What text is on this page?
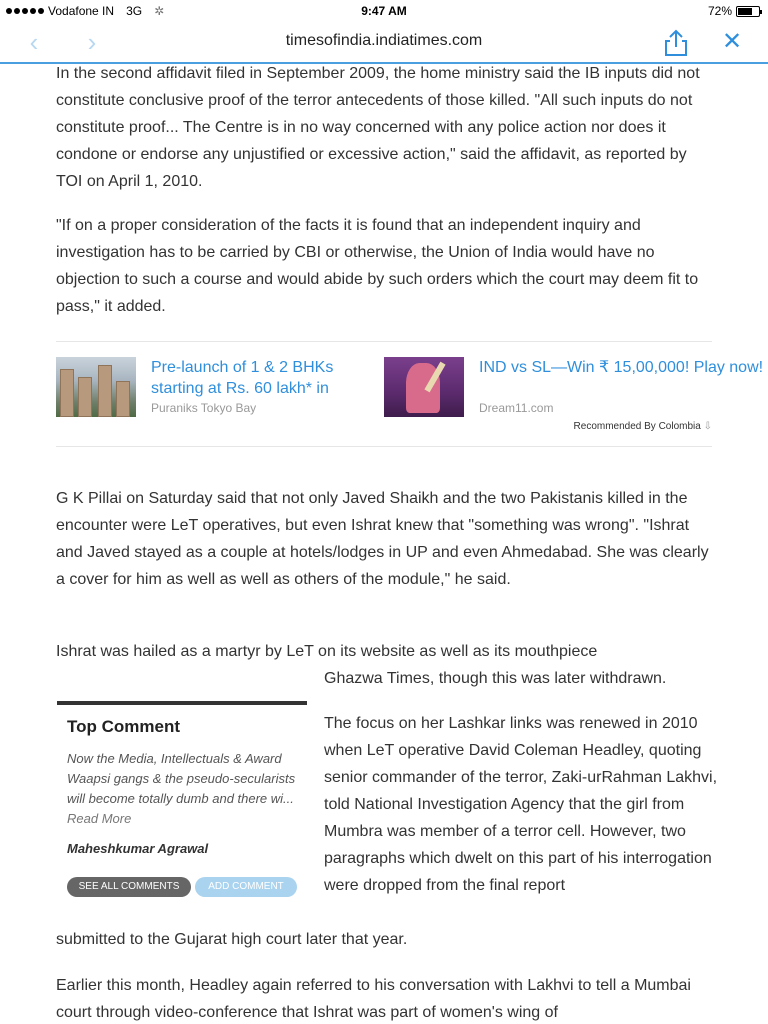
Vodafone IN 3G ✲	9:47 AM	72%
‹	›	timesofindia.indiatimes.com	✕

In the second affidavit filed in September 2009, the home ministry said the IB inputs did not constitute conclusive proof of the terror antecedents of those killed. "All such inputs do not constitute proof... The Centre is in no way concerned with any police action nor does it condone or endorse any unjustified or excessive action," said the affidavit, as reported by TOI on April 1, 2010.

"If on a proper consideration of the facts it is found that an independent inquiry and investigation has to be carried by CBI or otherwise, the Union of India would have no objection to such a course and would abide by such orders which the court may deem fit to pass," it added.

Pre-launch of 1 & 2 BHKs starting at Rs. 60 lakh* in
Puraniks Tokyo Bay
IND vs SL—Win ₹ 15,00,000! Play now!
Dream11.com
Recommended By Colombia ⇩

G K Pillai on Saturday said that not only Javed Shaikh and the two Pakistanis killed in the encounter were LeT operatives, but even Ishrat knew that "something was wrong". "Ishrat and Javed stayed as a couple at hotels/lodges in UP and even Ahmedabad. She was clearly a cover for him as well as well as others of the module," he said.

Ishrat was hailed as a martyr by LeT on its website as well as its mouthpiece

Ghazwa Times, though this was later withdrawn.

Top Comment
Now the Media, Intellectuals & Award Waapsi gangs & the pseudo-secularists will become totally dumb and there wi... Read More
Maheshkumar Agrawal
SEE ALL COMMENTS	ADD COMMENT

The focus on her Lashkar links was renewed in 2010 when LeT operative David Coleman Headley, quoting senior commander of the terror, Zaki-urRahman Lakhvi, told National Investigation Agency that the girl from Mumbra was member of a terror cell. However, two paragraphs which dwelt on this part of his interrogation were dropped from the final report

submitted to the Gujarat high court later that year.

Earlier this month, Headley again referred to his conversation with Lakhvi to tell a Mumbai court through video-conference that Ishrat was part of women's wing of
